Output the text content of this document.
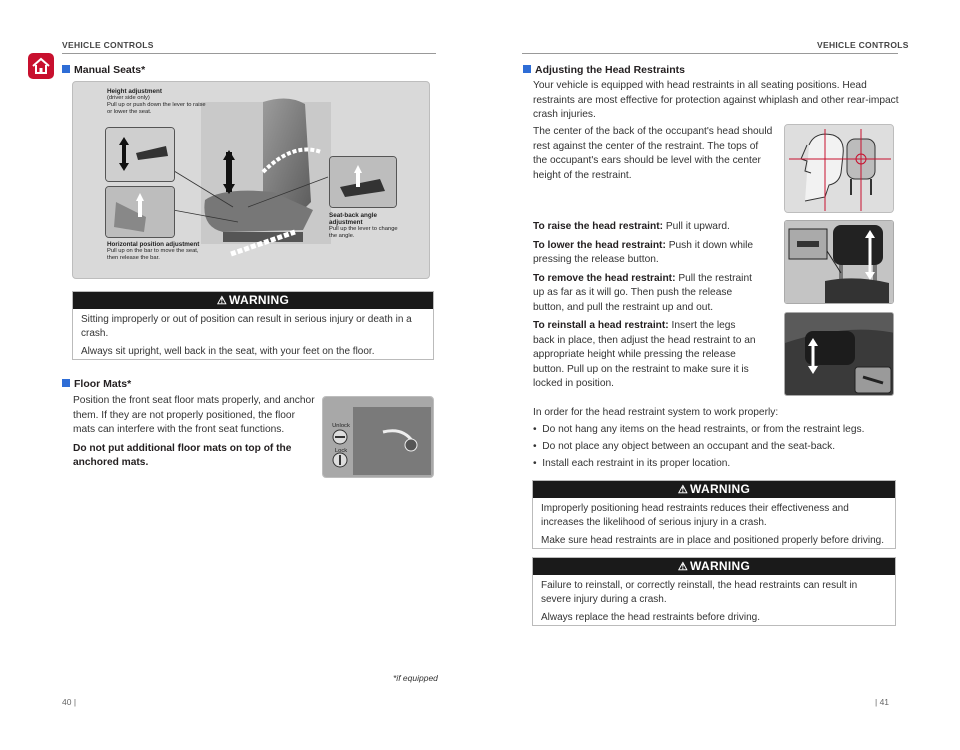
VEHICLE CONTROLS
Manual Seats*
Height adjustment
(driver side only)
Pull up or push down the lever to raise or lower the seat.
Horizontal position adjustment
Pull up on the bar to move the seat, then release the bar.
Seat-back angle adjustment
Pull up the lever to change the angle.
⚠ WARNING

Sitting improperly or out of position can result in serious injury or death in a crash.

Always sit upright, well back in the seat, with your feet on the floor.

Floor Mats*
Position the front seat floor mats properly, and anchor them. If they are not properly positioned, the floor mats can interfere with the front seat functions.
Do not put additional floor mats on top of the anchored mats.
Unlock
Lock
*if equipped
40 |
VEHICLE CONTROLS
Adjusting the Head Restraints
Your vehicle is equipped with head restraints in all seating positions. Head restraints are most effective for protection against whiplash and other rear-impact crash injuries.
The center of the back of the occupant's head should rest against the center of the restraint. The tops of the occupant's ears should be level with the center height of the restraint.
To raise the head restraint: Pull it upward.
To lower the head restraint: Push it down while pressing the release button.
To remove the head restraint: Pull the restraint up as far as it will go. Then push the release button, and pull the restraint up and out.
To reinstall a head restraint: Insert the legs back in place, then adjust the head restraint to an appropriate height while pressing the release button. Pull up on the restraint to make sure it is locked in position.
In order for the head restraint system to work properly:
•  Do not hang any items on the head restraints, or from the restraint legs.
•  Do not place any object between an occupant and the seat-back.
•  Install each restraint in its proper location.
⚠ WARNING

Improperly positioning head restraints reduces their effectiveness and increases the likelihood of serious injury in a crash.

Make sure head restraints are in place and positioned properly before driving.

⚠ WARNING

Failure to reinstall, or correctly reinstall, the head restraints can result in severe injury during a crash.

Always replace the head restraints before driving.

| 41
